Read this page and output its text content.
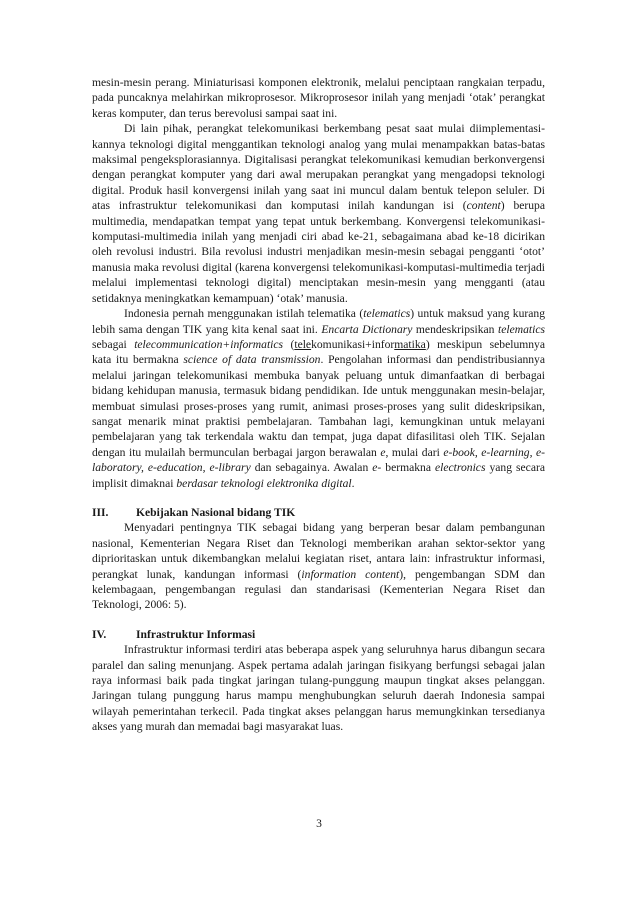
mesin-mesin perang. Miniaturisasi komponen elektronik, melalui penciptaan rangkaian terpadu, pada puncaknya melahirkan mikroprosesor. Mikroprosesor inilah yang menjadi ‘otak’ perangkat keras komputer, dan terus berevolusi sampai saat ini.

Di lain pihak, perangkat telekomunikasi berkembang pesat saat mulai diimplementasi-kannya teknologi digital menggantikan teknologi analog yang mulai menampakkan batas-batas maksimal pengeksplorasiannya. Digitalisasi perangkat telekomunikasi kemudian berkonvergensi dengan perangkat komputer yang dari awal merupakan perangkat yang mengadopsi teknologi digital. Produk hasil konvergensi inilah yang saat ini muncul dalam bentuk telepon seluler. Di atas infrastruktur telekomunikasi dan komputasi inilah kandungan isi (content) berupa multimedia, mendapatkan tempat yang tepat untuk berkembang. Konvergensi telekomunikasi-komputasi-multimedia inilah yang menjadi ciri abad ke-21, sebagaimana abad ke-18 dicirikan oleh revolusi industri. Bila revolusi industri menjadikan mesin-mesin sebagai pengganti ‘otot’ manusia maka revolusi digital (karena konvergensi telekomunikasi-komputasi-multimedia terjadi melalui implementasi teknologi digital) menciptakan mesin-mesin yang mengganti (atau setidaknya meningkatkan kemampuan) ‘otak’ manusia.

Indonesia pernah menggunakan istilah telematika (telematics) untuk maksud yang kurang lebih sama dengan TIK yang kita kenal saat ini. Encarta Dictionary mendeskripsikan telematics sebagai telecommunication+informatics (telekomunikasi+informatika) meskipun sebelumnya kata itu bermakna science of data transmission. Pengolahan informasi dan pendistribusiannya melalui jaringan telekomunikasi membuka banyak peluang untuk dimanfaatkan di berbagai bidang kehidupan manusia, termasuk bidang pendidikan. Ide untuk menggunakan mesin-belajar, membuat simulasi proses-proses yang rumit, animasi proses-proses yang sulit dideskripsikan, sangat menarik minat praktisi pembelajaran. Tambahan lagi, kemungkinan untuk melayani pembelajaran yang tak terkendala waktu dan tempat, juga dapat difasilitasi oleh TIK. Sejalan dengan itu mulailah bermunculan berbagai jargon berawalan e, mulai dari e-book, e-learning, e-laboratory, e-education, e-library dan sebagainya. Awalan e- bermakna electronics yang secara implisit dimaknai berdasar teknologi elektronika digital.

III.	Kebijakan Nasional bidang TIK

Menyadari pentingnya TIK sebagai bidang yang berperan besar dalam pembangunan nasional, Kementerian Negara Riset dan Teknologi memberikan arahan sektor-sektor yang diprioritaskan untuk dikembangkan melalui kegiatan riset, antara lain: infrastruktur informasi, perangkat lunak, kandungan informasi (information content), pengembangan SDM dan kelembagaan, pengembangan regulasi dan standarisasi (Kementerian Negara Riset dan Teknologi, 2006: 5).

IV.	Infrastruktur Informasi

Infrastruktur informasi terdiri atas beberapa aspek yang seluruhnya harus dibangun secara paralel dan saling menunjang. Aspek pertama adalah jaringan fisikyang berfungsi sebagai jalan raya informasi baik pada tingkat jaringan tulang-punggung maupun tingkat akses pelanggan. Jaringan tulang punggung harus mampu menghubungkan seluruh daerah Indonesia sampai wilayah pemerintahan terkecil. Pada tingkat akses pelanggan harus memungkinkan tersedianya akses yang murah dan memadai bagi masyarakat luas.

3
